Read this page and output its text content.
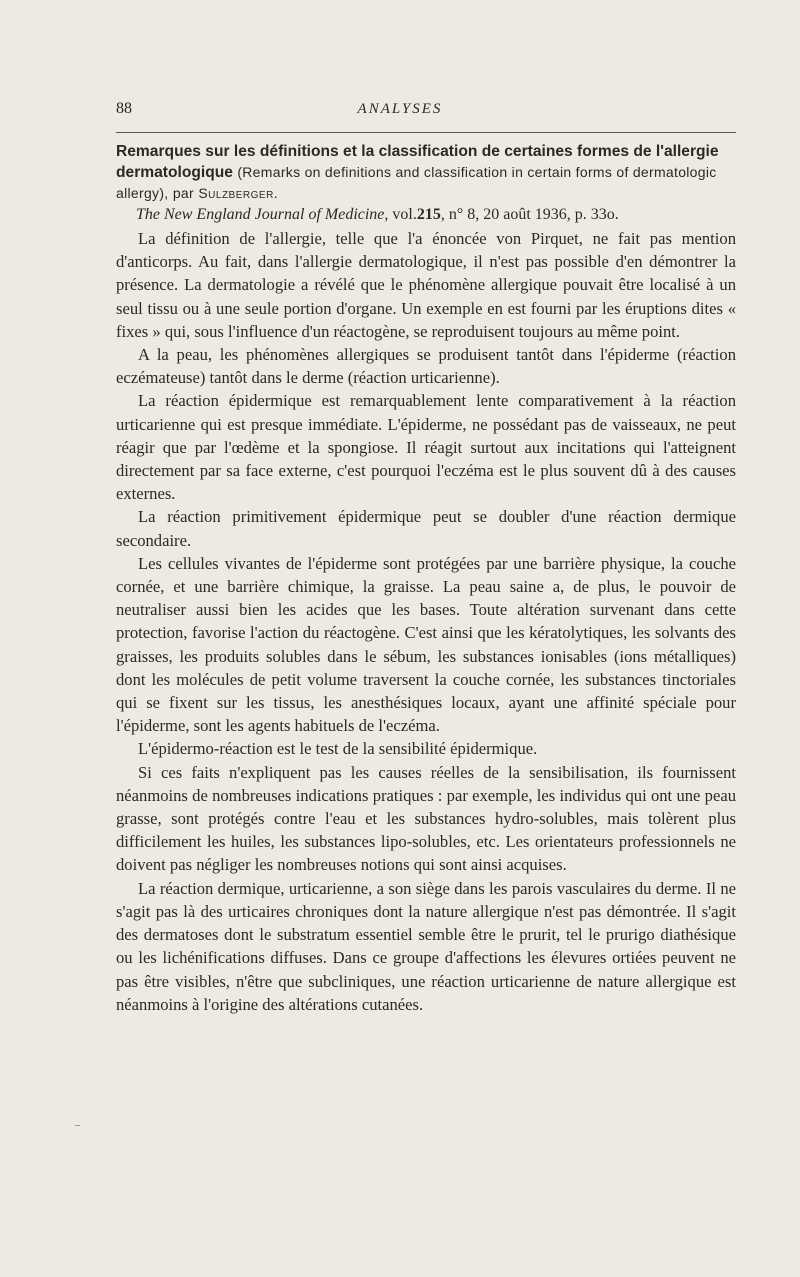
88	ANALYSES

Remarques sur les définitions et la classification de certaines formes de l'allergie dermatologique (Remarks on definitions and classification in certain forms of dermatologic allergy), par Sulzberger.

The New England Journal of Medicine, vol.215, n° 8, 20 août 1936, p. 33o.

La définition de l'allergie, telle que l'a énoncée von Pirquet, ne fait pas mention d'anticorps. Au fait, dans l'allergie dermatologique, il n'est pas possible d'en démontrer la présence. La dermatologie a révélé que le phénomène allergique pouvait être localisé à un seul tissu ou à une seule portion d'organe. Un exemple en est fourni par les éruptions dites « fixes » qui, sous l'influence d'un réactogène, se reproduisent toujours au même point.

A la peau, les phénomènes allergiques se produisent tantôt dans l'épiderme (réaction eczémateuse) tantôt dans le derme (réaction urticarienne).

La réaction épidermique est remarquablement lente comparativement à la réaction urticarienne qui est presque immédiate. L'épiderme, ne possédant pas de vaisseaux, ne peut réagir que par l'œdème et la spongiose. Il réagit surtout aux incitations qui l'atteignent directement par sa face externe, c'est pourquoi l'eczéma est le plus souvent dû à des causes externes.

La réaction primitivement épidermique peut se doubler d'une réaction dermique secondaire.

Les cellules vivantes de l'épiderme sont protégées par une barrière physique, la couche cornée, et une barrière chimique, la graisse. La peau saine a, de plus, le pouvoir de neutraliser aussi bien les acides que les bases. Toute altération survenant dans cette protection, favorise l'action du réactogène. C'est ainsi que les kératolytiques, les solvants des graisses, les produits solubles dans le sébum, les substances ionisables (ions métalliques) dont les molécules de petit volume traversent la couche cornée, les substances tinctoriales qui se fixent sur les tissus, les anesthésiques locaux, ayant une affinité spéciale pour l'épiderme, sont les agents habituels de l'eczéma.

L'épidermo-réaction est le test de la sensibilité épidermique.

Si ces faits n'expliquent pas les causes réelles de la sensibilisation, ils fournissent néanmoins de nombreuses indications pratiques : par exemple, les individus qui ont une peau grasse, sont protégés contre l'eau et les substances hydro-solubles, mais tolèrent plus difficilement les huiles, les substances lipo-solubles, etc. Les orientateurs professionnels ne doivent pas négliger les nombreuses notions qui sont ainsi acquises.

La réaction dermique, urticarienne, a son siège dans les parois vasculaires du derme. Il ne s'agit pas là des urticaires chroniques dont la nature allergique n'est pas démontrée. Il s'agit des dermatoses dont le substratum essentiel semble être le prurit, tel le prurigo diathésique ou les lichénifications diffuses. Dans ce groupe d'affections les élevures ortiées peuvent ne pas être visibles, n'être que subcliniques, une réaction urticarienne de nature allergique est néanmoins à l'origine des altérations cutanées.
